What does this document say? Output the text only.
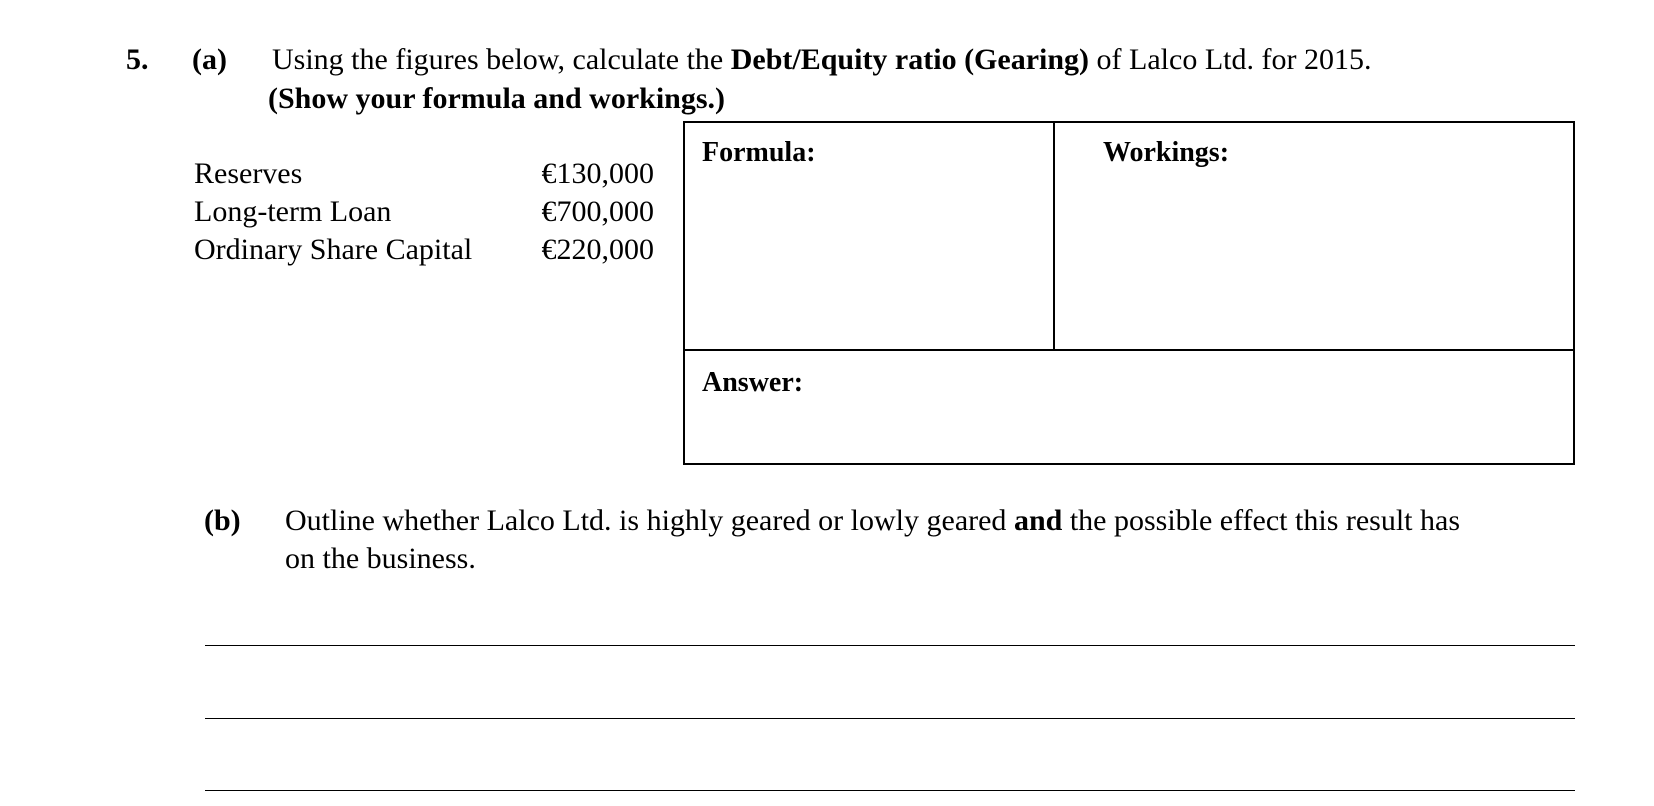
5. (a) Using the figures below, calculate the Debt/Equity ratio (Gearing) of Lalco Ltd. for 2015.
(Show your formula and workings.)
Reserves	€130,000
Long-term Loan	€700,000
Ordinary Share Capital €220,000
Formula:	Workings:
Answer:
(b) Outline whether Lalco Ltd. is highly geared or lowly geared and the possible effect this result has
on the business.
